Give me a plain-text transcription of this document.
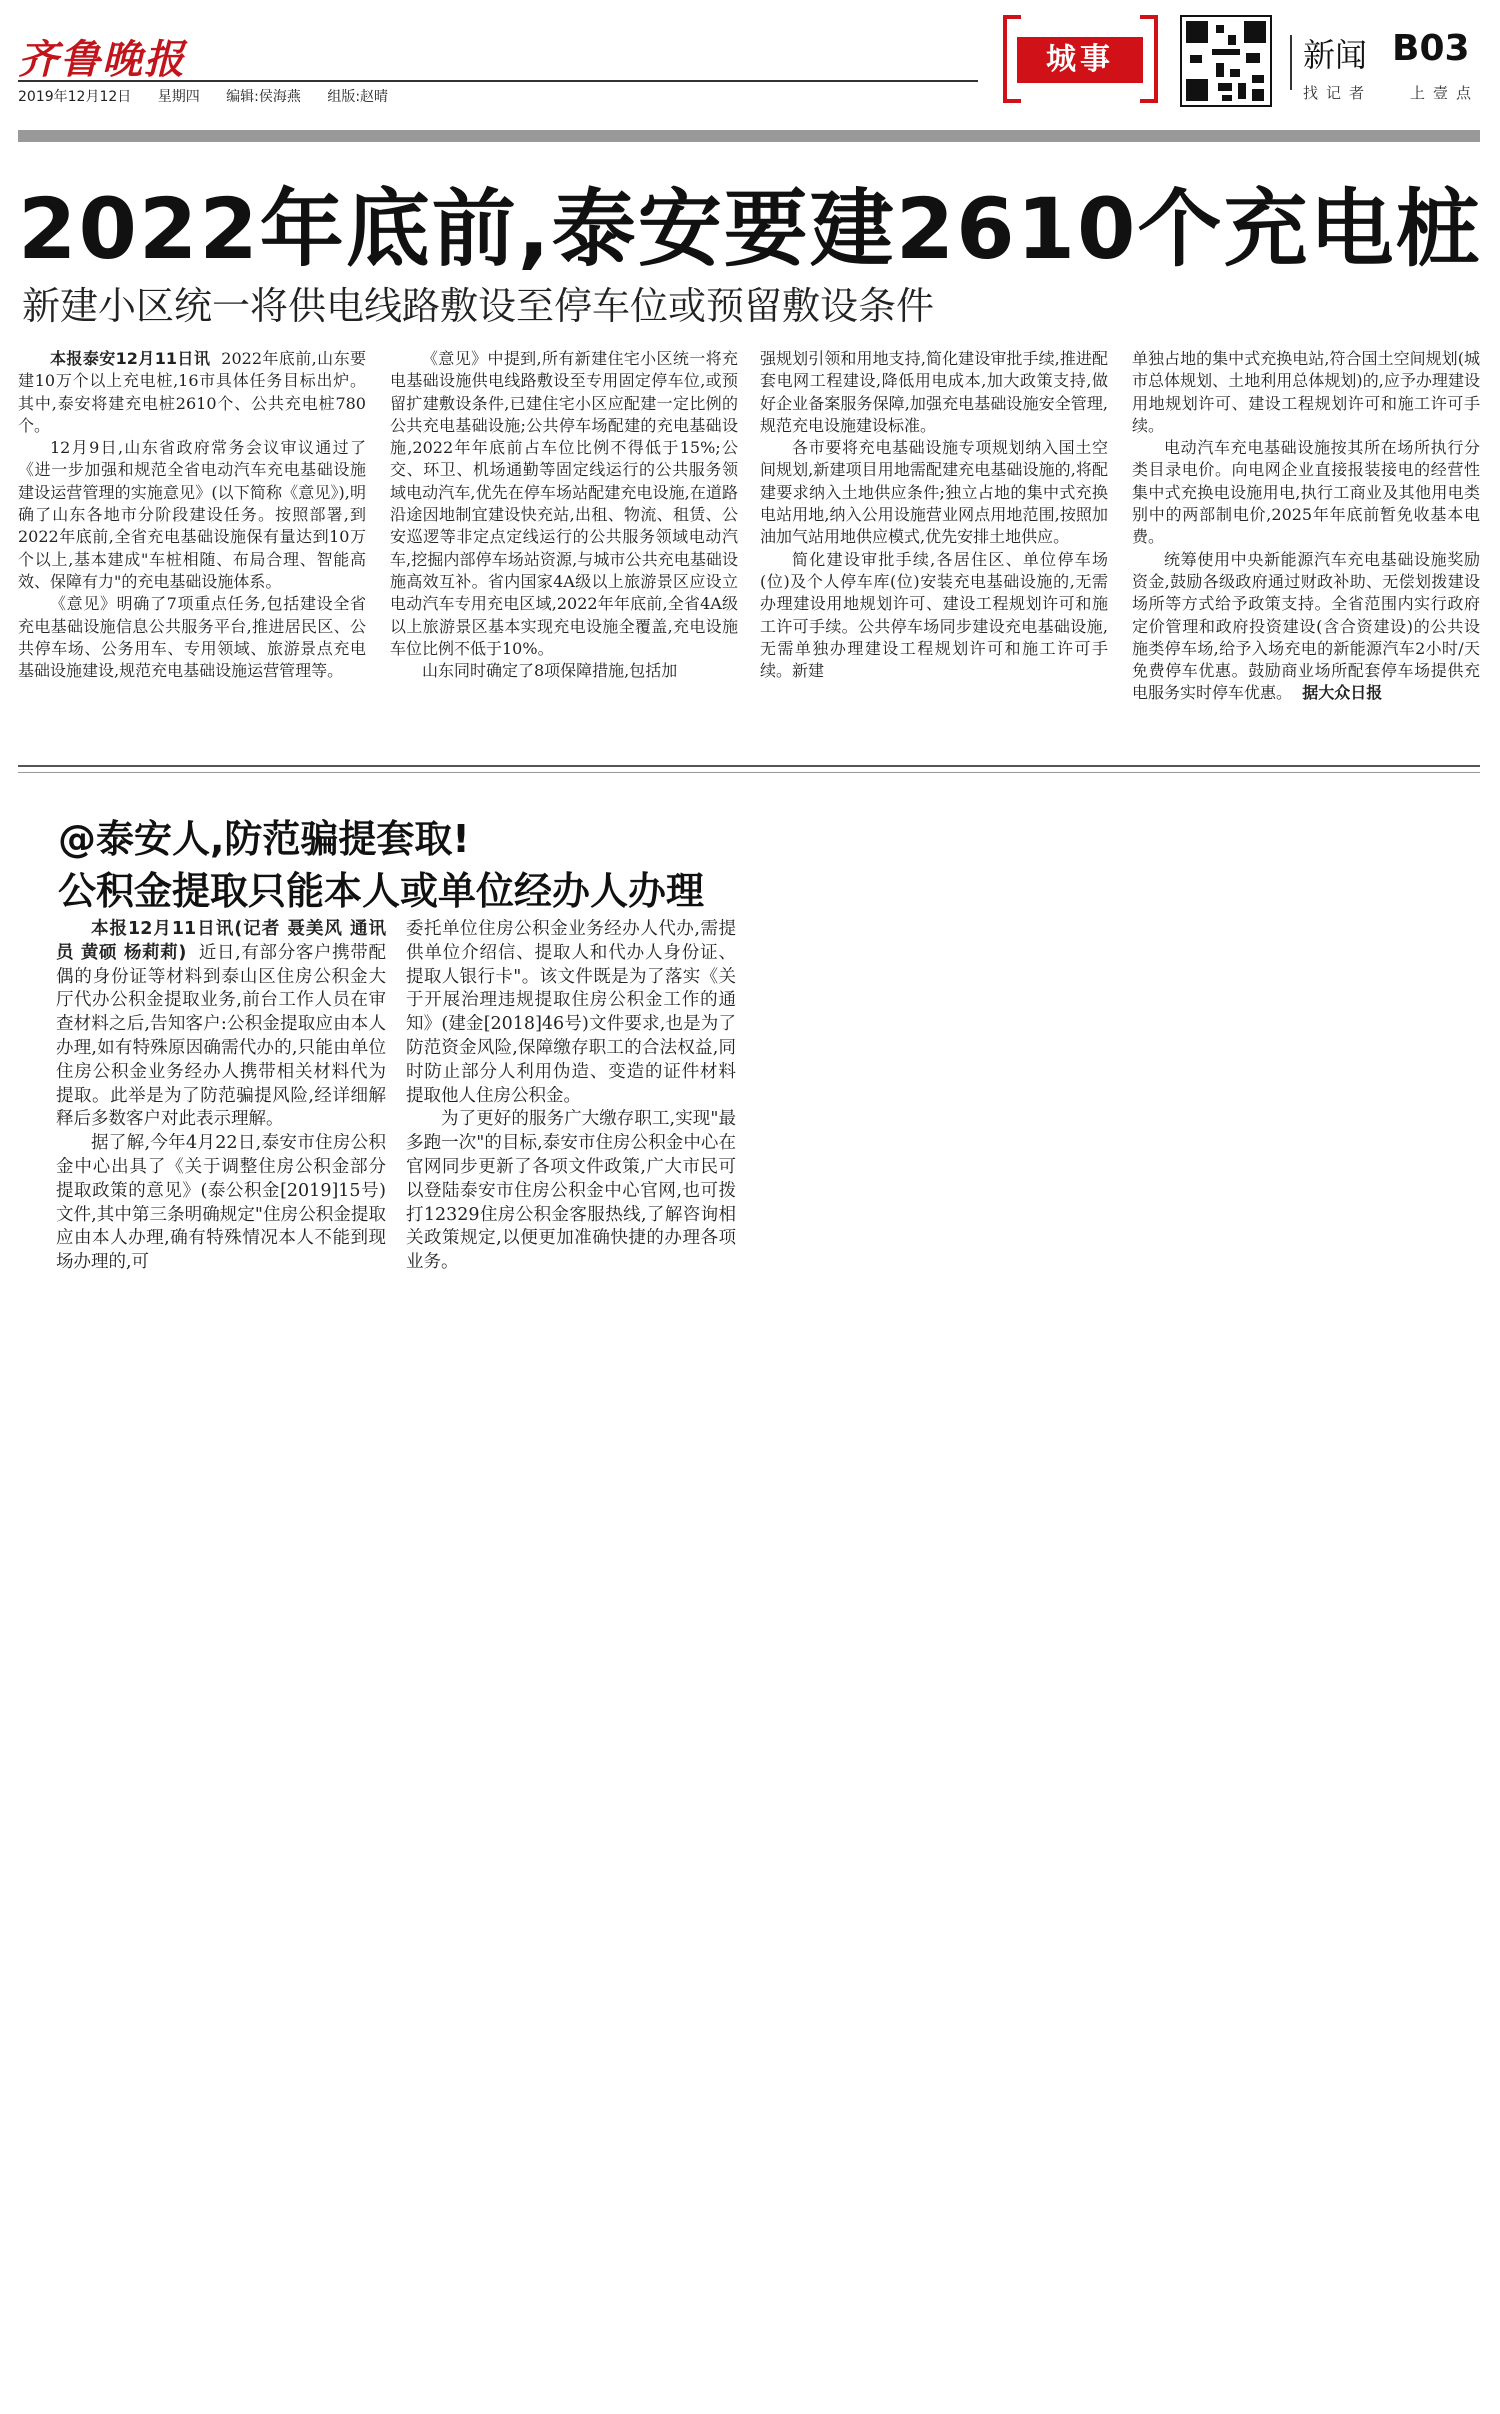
齐鲁晚报
2019年12月12日 星期四 编辑:侯海燕 组版:赵晴
城事	新闻 B03
找记者	上壹点
2022年底前,泰安要建2610个充电桩
新建小区统一将供电线路敷设至停车位或预留敷设条件

本报泰安12月11日讯 2022年底前,山东要建10万个以上充电桩,16市具体任务目标出炉。其中,泰安将建充电桩2610个、公共充电桩780个。

12月9日,山东省政府常务会议审议通过了《进一步加强和规范全省电动汽车充电基础设施建设运营管理的实施意见》(以下简称《意见》),明确了山东各地市分阶段建设任务。按照部署,到2022年底前,全省充电基础设施保有量达到10万个以上,基本建成"车桩相随、布局合理、智能高效、保障有力"的充电基础设施体系。

《意见》明确了7项重点任务,包括建设全省充电基础设施信息公共服务平台,推进居民区、公共停车场、公务用车、专用领域、旅游景点充电基础设施建设,规范充电基础设施运营管理等。

《意见》中提到,所有新建住宅小区统一将充电基础设施供电线路敷设至专用固定停车位,或预留扩建敷设条件,已建住宅小区应配建一定比例的公共充电基础设施;公共停车场配建的充电基础设施,2022年年底前占车位比例不得低于15%;公交、环卫、机场通勤等固定线运行的公共服务领域电动汽车,优先在停车场站配建充电设施,在道路沿途因地制宜建设快充站,出租、物流、租赁、公安巡逻等非定点定线运行的公共服务领域电动汽车,挖掘内部停车场站资源,与城市公共充电基础设施高效互补。省内国家4A级以上旅游景区应设立电动汽车专用充电区域,2022年年底前,全省4A级以上旅游景区基本实现充电设施全覆盖,充电设施车位比例不低于10%。

山东同时确定了8项保障措施,包括加

强规划引领和用地支持,简化建设审批手续,推进配套电网工程建设,降低用电成本,加大政策支持,做好企业备案服务保障,加强充电基础设施安全管理,规范充电设施建设标准。

各市要将充电基础设施专项规划纳入国土空间规划,新建项目用地需配建充电基础设施的,将配建要求纳入土地供应条件;独立占地的集中式充换电站用地,纳入公用设施营业网点用地范围,按照加油加气站用地供应模式,优先安排土地供应。

简化建设审批手续,各居住区、单位停车场(位)及个人停车库(位)安装充电基础设施的,无需办理建设用地规划许可、建设工程规划许可和施工许可手续。公共停车场同步建设充电基础设施,无需单独办理建设工程规划许可和施工许可手续。新建

单独占地的集中式充换电站,符合国土空间规划(城市总体规划、土地利用总体规划)的,应予办理建设用地规划许可、建设工程规划许可和施工许可手续。

电动汽车充电基础设施按其所在场所执行分类目录电价。向电网企业直接报装接电的经营性集中式充换电设施用电,执行工商业及其他用电类别中的两部制电价,2025年年底前暂免收基本电费。

统筹使用中央新能源汽车充电基础设施奖励资金,鼓励各级政府通过财政补助、无偿划拨建设场所等方式给予政策支持。全省范围内实行政府定价管理和政府投资建设(含合资建设)的公共设施类停车场,给予入场充电的新能源汽车2小时/天免费停车优惠。鼓励商业场所配套停车场提供充电服务实时停车优惠。 据大众日报

@泰安人,防范骗提套取!
公积金提取只能本人或单位经办人办理

本报12月11日讯(记者 聂美风 通讯员 黄硕 杨莉莉) 近日,有部分客户携带配偶的身份证等材料到泰山区住房公积金大厅代办公积金提取业务,前台工作人员在审查材料之后,告知客户:公积金提取应由本人办理,如有特殊原因确需代办的,只能由单位住房公积金业务经办人携带相关材料代为提取。此举是为了防范骗提风险,经详细解释后多数客户对此表示理解。

据了解,今年4月22日,泰安市住房公积金中心出具了《关于调整住房公积金部分提取政策的意见》(泰公积金[2019]15号)文件,其中第三条明确规定"住房公积金提取应由本人办理,确有特殊情况本人不能到现场办理的,可

委托单位住房公积金业务经办人代办,需提供单位介绍信、提取人和代办人身份证、提取人银行卡"。该文件既是为了落实《关于开展治理违规提取住房公积金工作的通知》(建金[2018]46号)文件要求,也是为了防范资金风险,保障缴存职工的合法权益,同时防止部分人利用伪造、变造的证件材料提取他人住房公积金。

为了更好的服务广大缴存职工,实现"最多跑一次"的目标,泰安市住房公积金中心在官网同步更新了各项文件政策,广大市民可以登陆泰安市住房公积金中心官网,也可拨打12329住房公积金客服热线,了解咨询相关政策规定,以便更加准确快捷的办理各项业务。
